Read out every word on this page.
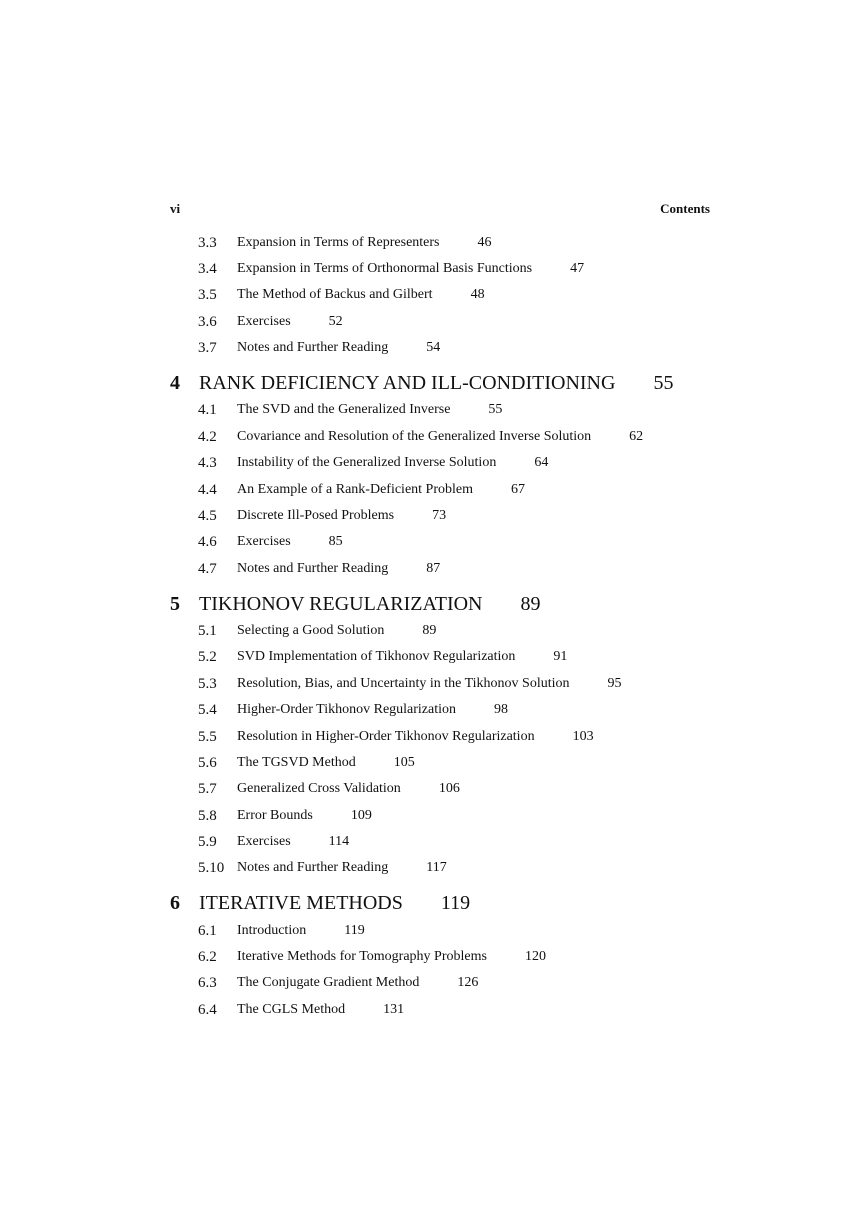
vi	Contents
3.3 Expansion in Terms of Representers	46
3.4 Expansion in Terms of Orthonormal Basis Functions	47
3.5 The Method of Backus and Gilbert	48
3.6 Exercises	52
3.7 Notes and Further Reading	54
4 RANK DEFICIENCY AND ILL-CONDITIONING 55
4.1 The SVD and the Generalized Inverse	55
4.2 Covariance and Resolution of the Generalized Inverse Solution	62
4.3 Instability of the Generalized Inverse Solution	64
4.4 An Example of a Rank-Deficient Problem	67
4.5 Discrete Ill-Posed Problems	73
4.6 Exercises	85
4.7 Notes and Further Reading	87
5 TIKHONOV REGULARIZATION 89
5.1 Selecting a Good Solution	89
5.2 SVD Implementation of Tikhonov Regularization	91
5.3 Resolution, Bias, and Uncertainty in the Tikhonov Solution	95
5.4 Higher-Order Tikhonov Regularization	98
5.5 Resolution in Higher-Order Tikhonov Regularization	103
5.6 The TGSVD Method	105
5.7 Generalized Cross Validation	106
5.8 Error Bounds	109
5.9 Exercises	114
5.10 Notes and Further Reading	117
6 ITERATIVE METHODS 119
6.1 Introduction	119
6.2 Iterative Methods for Tomography Problems	120
6.3 The Conjugate Gradient Method	126
6.4 The CGLS Method	131
